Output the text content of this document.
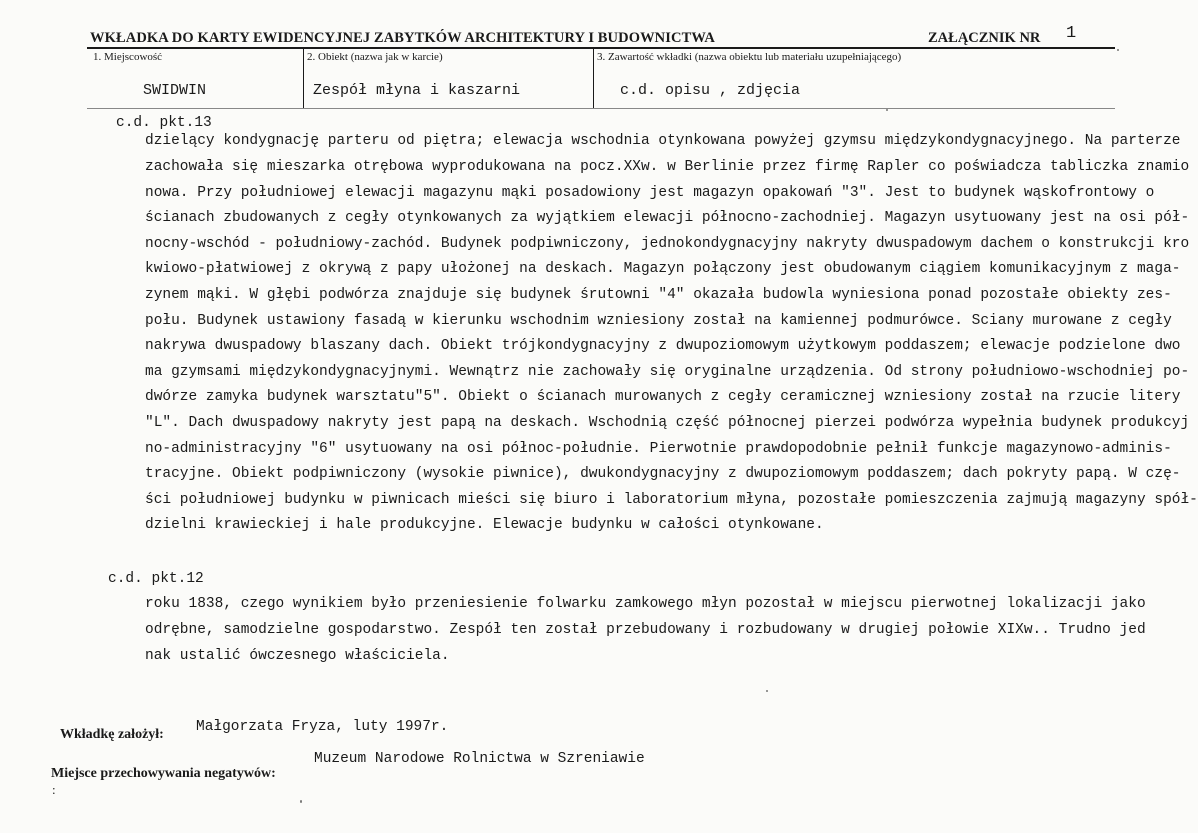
WKŁADKA DO KARTY EWIDENCYJNEJ ZABYTKÓW ARCHITEKTURY I BUDOWNICTWA	ZAŁĄCZNIK NR 1
1. Miejscowość	2. Obiekt (nazwa jak w karcie)	3. Zawartość wkładki (nazwa obiektu lub materiału uzupełniającego)
SWIDWIN	Zespół młyna i kaszarni	c.d. opisu , zdjęcia
c.d. pkt.13
dzielący kondygnację parteru od piętra; elewacja wschodnia otynkowana powyżej gzymsu międzykondygnacyjnego. Na parterze
zachowała się mieszarka otrębowa wyprodukowana na pocz.XXw. w Berlinie przez firmę Rapler co poświadcza tabliczka znamio
nowa. Przy południowej elewacji magazynu mąki posadowiony jest magazyn opakowań "3". Jest to budynek wąskofrontowy o
ścianach zbudowanych z cegły otynkowanych za wyjątkiem elewacji północno-zachodniej. Magazyn usytuowany jest na osi pół-
nocny-wschód - południowy-zachód. Budynek podpiwniczony, jednokondygnacyjny nakryty dwuspadowym dachem o konstrukcji kro
kwiowo-płatwiowej z okrywą z papy ułożonej na deskach. Magazyn połączony jest obudowanym ciągiem komunikacyjnym z maga-
zynem mąki. W głębi podwórza znajduje się budynek śrutowni "4" okazała budowla wyniesiona ponad pozostałe obiekty zes-
połu. Budynek ustawiony fasadą w kierunku wschodnim wzniesiony został na kamiennej podmurówce. Sciany murowane z cegły
nakrywa dwuspadowy blaszany dach. Obiekt trójkondygnacyjny z dwupoziomowym użytkowym poddaszem; elewacje podzielone dwo
ma gzymsami międzykondygnacyjnymi. Wewnątrz nie zachowały się oryginalne urządzenia. Od strony południowo-wschodniej po-
dwórze zamyka budynek warsztatu"5". Obiekt o ścianach murowanych z cegły ceramicznej wzniesiony został na rzucie litery
"L". Dach dwuspadowy nakryty jest papą na deskach. Wschodnią część północnej pierzei podwórza wypełnia budynek produkcyj
no-administracyjny "6" usytuowany na osi północ-południe. Pierwotnie prawdopodobnie pełnił funkcje magazynowo-adminis-
tracyjne. Obiekt podpiwniczony (wysokie piwnice), dwukondygnacyjny z dwupoziomowym poddaszem; dach pokryty papą. W czę-
ści południowej budynku w piwnicach mieści się biuro i laboratorium młyna, pozostałe pomieszczenia zajmują magazyny spół-
dzielni krawieckiej i hale produkcyjne. Elewacje budynku w całości otynkowane.
c.d. pkt.12
roku 1838, czego wynikiem było przeniesienie folwarku zamkowego młyn pozostał w miejscu pierwotnej lokalizacji jako
odrębne, samodzielne gospodarstwo. Zespół ten został przebudowany i rozbudowany w drugiej połowie XIXw.. Trudno jed
nak ustalić ówczesnego właściciela.
Wkładkę założył: Małgorzata Fryza, luty 1997r.
Muzeum Narodowe Rolnictwa w Szreniawie
Miejsce przechowywania negatywów:
:
